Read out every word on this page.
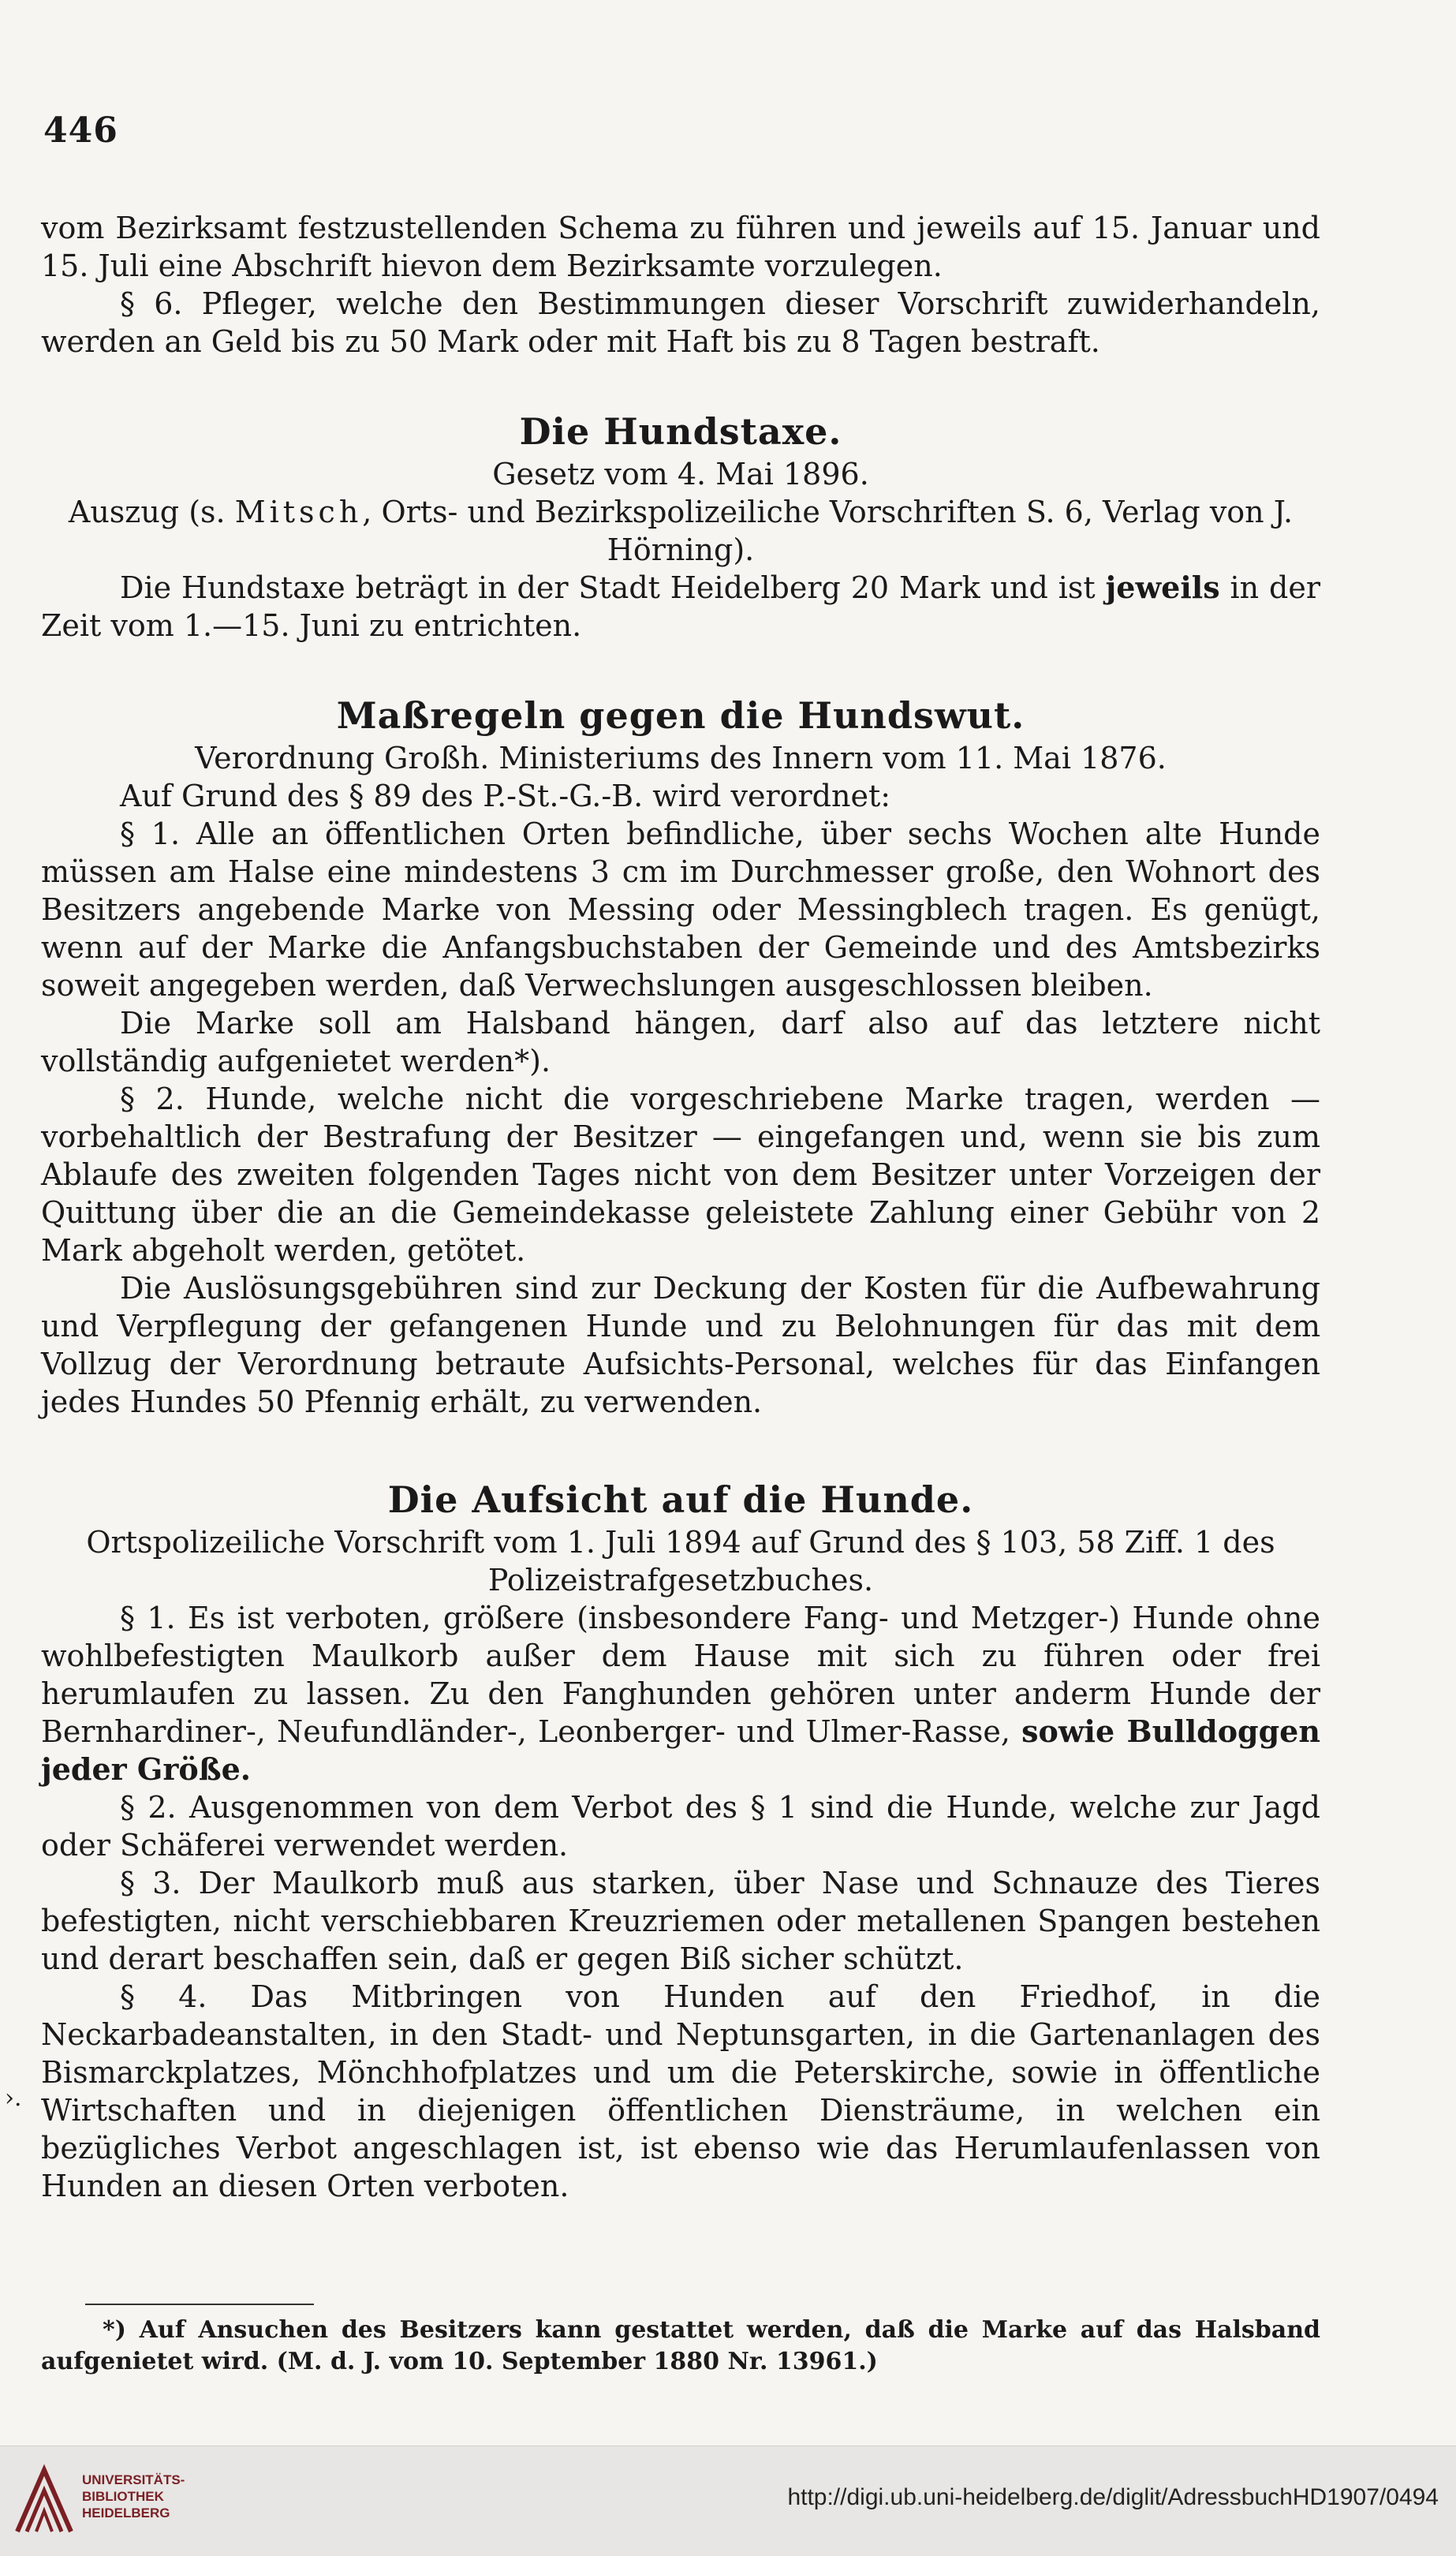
446

vom Bezirksamt festzustellenden Schema zu führen und jeweils auf 15. Januar und 15. Juli eine Abschrift hievon dem Bezirksamte vorzulegen.

§ 6. Pfleger, welche den Bestimmungen dieser Vorschrift zuwiderhandeln, werden an Geld bis zu 50 Mark oder mit Haft bis zu 8 Tagen bestraft.

Die Hundstaxe.

Gesetz vom 4. Mai 1896.

Auszug (s. Mitsch, Orts- und Bezirkspolizeiliche Vorschriften S. 6, Verlag von J. Hörning).

Die Hundstaxe beträgt in der Stadt Heidelberg 20 Mark und ist jeweils in der Zeit vom 1.—15. Juni zu entrichten.

Maßregeln gegen die Hundswut.

Verordnung Großh. Ministeriums des Innern vom 11. Mai 1876.

Auf Grund des § 89 des P.-St.-G.-B. wird verordnet:

§ 1. Alle an öffentlichen Orten befindliche, über sechs Wochen alte Hunde müssen am Halse eine mindestens 3 cm im Durchmesser große, den Wohnort des Besitzers angebende Marke von Messing oder Messingblech tragen. Es genügt, wenn auf der Marke die Anfangsbuchstaben der Gemeinde und des Amtsbezirks soweit angegeben werden, daß Verwechslungen ausgeschlossen bleiben.

Die Marke soll am Halsband hängen, darf also auf das letztere nicht vollständig aufgenietet werden*).

§ 2. Hunde, welche nicht die vorgeschriebene Marke tragen, werden — vorbehaltlich der Bestrafung der Besitzer — eingefangen und, wenn sie bis zum Ablaufe des zweiten folgenden Tages nicht von dem Besitzer unter Vorzeigen der Quittung über die an die Gemeindekasse geleistete Zahlung einer Gebühr von 2 Mark abgeholt werden, getötet.

Die Auslösungsgebühren sind zur Deckung der Kosten für die Aufbewahrung und Verpflegung der gefangenen Hunde und zu Belohnungen für das mit dem Vollzug der Verordnung betraute Aufsichts-Personal, welches für das Einfangen jedes Hundes 50 Pfennig erhält, zu verwenden.

Die Aufsicht auf die Hunde.

Ortspolizeiliche Vorschrift vom 1. Juli 1894 auf Grund des § 103, 58 Ziff. 1 des Polizeistrafgesetzbuches.

§ 1. Es ist verboten, größere (insbesondere Fang- und Metzger-) Hunde ohne wohlbefestigten Maulkorb außer dem Hause mit sich zu führen oder frei herumlaufen zu lassen. Zu den Fanghunden gehören unter anderm Hunde der Bernhardiner-, Neufundländer-, Leonberger- und Ulmer-Rasse, sowie Bulldoggen jeder Größe.

§ 2. Ausgenommen von dem Verbot des § 1 sind die Hunde, welche zur Jagd oder Schäferei verwendet werden.

§ 3. Der Maulkorb muß aus starken, über Nase und Schnauze des Tieres befestigten, nicht verschiebbaren Kreuzriemen oder metallenen Spangen bestehen und derart beschaffen sein, daß er gegen Biß sicher schützt.

§ 4. Das Mitbringen von Hunden auf den Friedhof, in die Neckarbadeanstalten, in den Stadt- und Neptunsgarten, in die Gartenanlagen des Bismarckplatzes, Mönchhofplatzes und um die Peterskirche, sowie in öffentliche Wirtschaften und in diejenigen öffentlichen Diensträume, in welchen ein bezügliches Verbot angeschlagen ist, ist ebenso wie das Herumlaufenlassen von Hunden an diesen Orten verboten.

›.

*) Auf Ansuchen des Besitzers kann gestattet werden, daß die Marke auf das Halsband aufgenietet wird. (M. d. J. vom 10. September 1880 Nr. 13961.)

UNIVERSITÄTS-
BIBLIOTHEK
HEIDELBERG
http://digi.ub.uni-heidelberg.de/diglit/AdressbuchHD1907/0494
